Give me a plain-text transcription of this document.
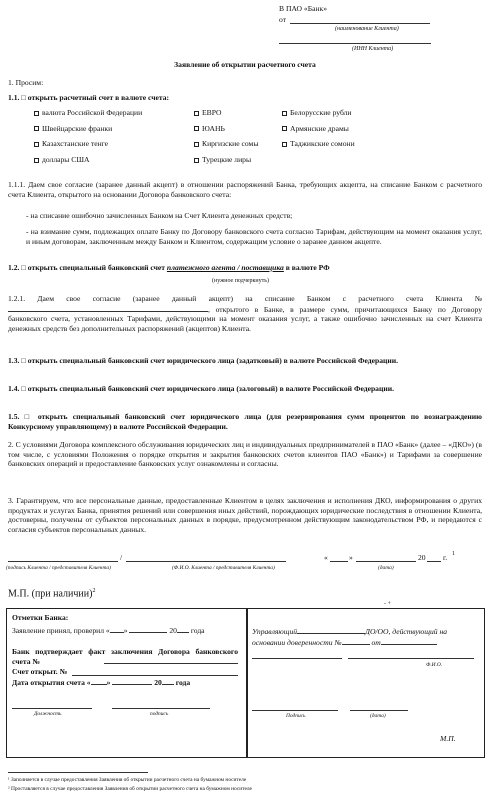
В ПАО «Банк»
от
(наименование Клиента)
(ИНН Клиента)
Заявление об открытии расчетного счета
1. Просим:
1.1. □ открыть расчетный счет в валюте счета:
валюта Российской Федерации	ЕВРО	Белорусские рубли
Швейцарские франки	ЮАНЬ	Армянские драмы
Казахстанские тенге	Киргизские сомы	Таджикские сомони
доллары США	Турецкие лиры
1.1.1. Даем свое согласие (заранее данный акцепт) в отношении распоряжений Банка, требующих акцепта, на списание Банком с расчетного счета Клиента, открытого на основании Договора банковского счета:
- на списание ошибочно зачисленных Банком на Счет Клиента денежных средств;
- на взимание сумм, подлежащих оплате Банку по Договору банковского счета согласно Тарифам, действующим на момент оказания услуг, и иным договорам, заключенным между Банком и Клиентом, содержащим условие о заранее данном акцепте.
1.2. □ открыть специальный банковский счет платежного агента / поставщика в валюте РФ
(нужное подчеркнуть)
1.2.1. Даем свое согласие (заранее данный акцепт) на списание Банком с расчетного счета Клиента №, открытого в Банке, в размере сумм, причитающихся Банку по Договору банковского счета, установленных Тарифами, действующими на момент оказания услуг, а также ошибочно зачисленных на счет Клиента денежных средств без дополнительных распоряжений (акцептов) Клиента.
1.3. □ открыть специальный банковский счет юридического лица (задатковый) в валюте Российской Федерации.
1.4. □ открыть специальный банковский счет юридического лица (залоговый) в валюте Российской Федерации.
1.5. □ открыть специальный банковский счет юридического лица (для резервирования сумм процентов по вознаграждению Конкурсному управляющему) в валюте Российской Федерации.
2. С условиями Договора комплексного обслуживания юридических лиц и индивидуальных предпринимателей в ПАО «Банк» (далее – «ДКО») (в том числе, с условиями Положения о порядке открытия и закрытия банковских счетов клиентов ПАО «Банк») и Тарифами за совершение банковских операций и предоставление банковских услуг ознакомлены и согласны.
3. Гарантируем, что все персональные данные, предоставленные Клиентом в целях заключения и исполнения ДКО, информирования о других продуктах и услугах Банка, принятия решений или совершения иных действий, порождающих юридические последствия в отношении Клиента, достоверны, получены от субъектов персональных данных в порядке, предусмотренном действующим законодательством РФ, и передаются с согласия субъектов персональных данных.
/	«	»	20 г. 1
(подпись Клиента / представителя Клиента)	(Ф.И.О. Клиента / представителя Клиента)	(дата)
М.П. (при наличии)$^2$
- +
Отметки Банка:
Заявление принял, проверил « »	20 года
Банк подтверждает факт заключения Договора банковского счета №
Счет открыт. №
Дата открытия счета « »	20 года
Должность	подпись
Управляющий	ДО/ОО, действующий на
основании доверенности №	от
Ф.И.О.
Подпись	(дата)
М.П.
¹ Заполняется в случае предоставления Заявления об открытии расчетного счета на бумажном носителе
² Проставляется в случае предоставления Заявления об открытии расчетного счета на бумажном носителе
